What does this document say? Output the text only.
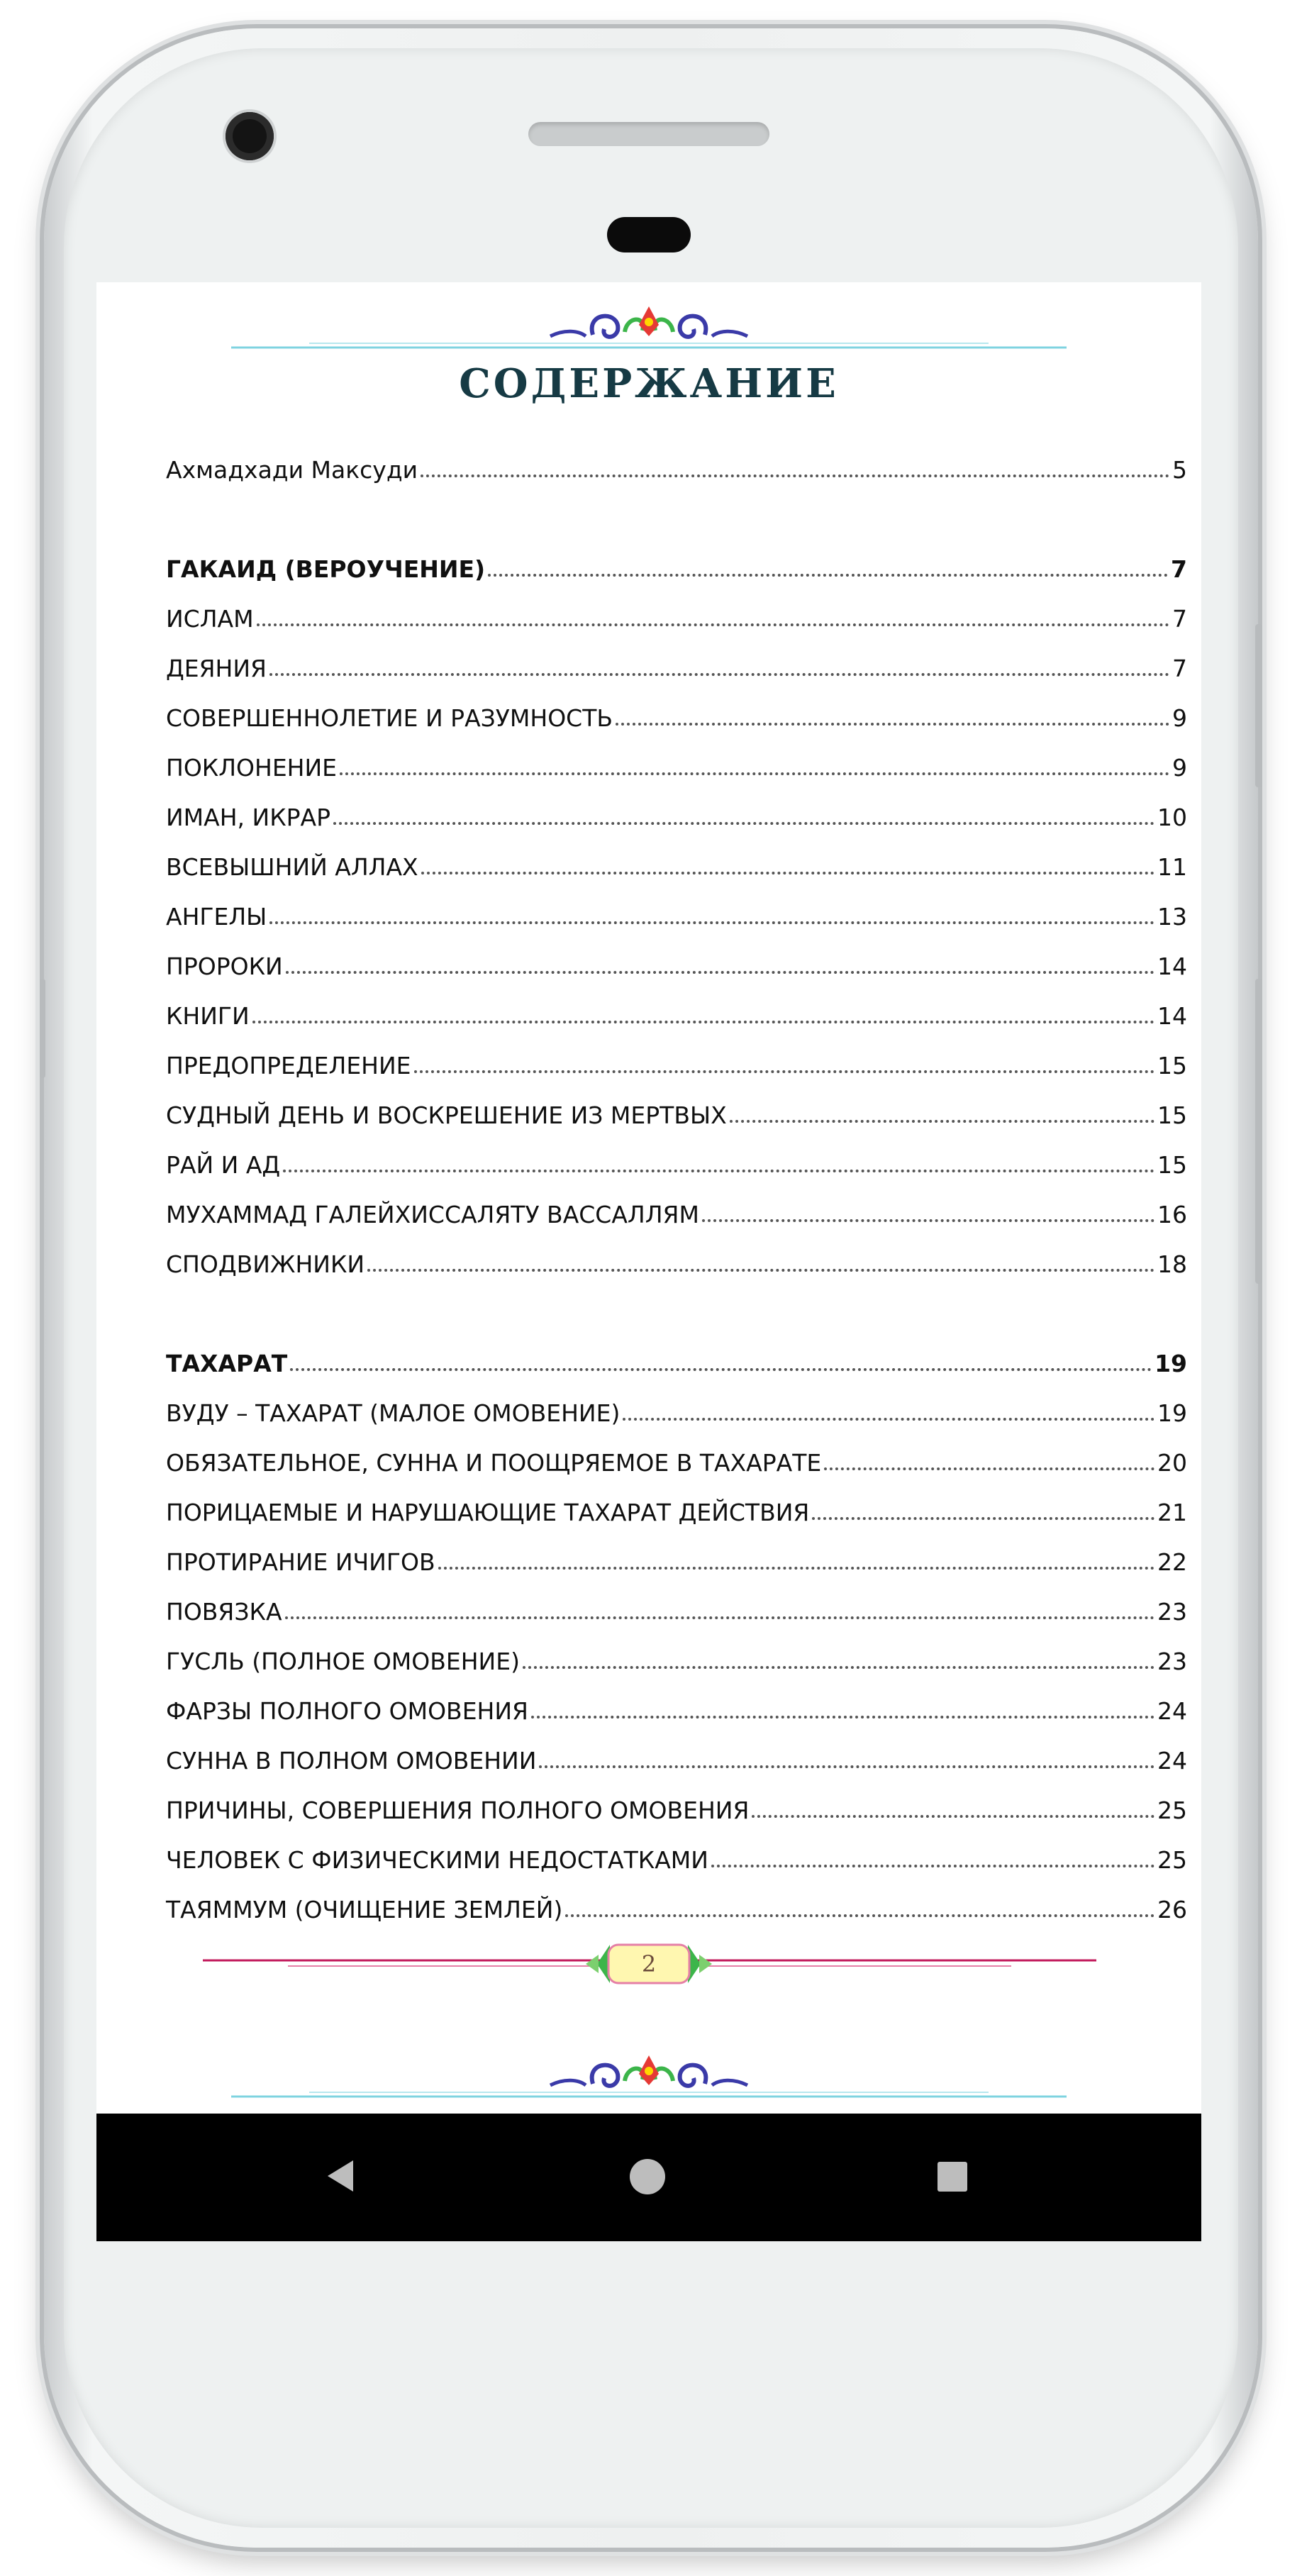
СОДЕРЖАНИЕ
Ахмадхади Максуди	5
ГАКАИД (ВЕРОУЧЕНИЕ)	7
ИСЛАМ	7
ДЕЯНИЯ	7
СОВЕРШЕННОЛЕТИЕ И РАЗУМНОСТЬ	9
ПОКЛОНЕНИЕ	9
ИМАН, ИКРАР	10
ВСЕВЫШНИЙ АЛЛАХ	11
АНГЕЛЫ	13
ПРОРОКИ	14
КНИГИ	14
ПРЕДОПРЕДЕЛЕНИЕ	15
СУДНЫЙ ДЕНЬ И ВОСКРЕШЕНИЕ ИЗ МЕРТВЫХ	15
РАЙ И АД	15
МУХАММАД ГАЛЕЙХИССАЛЯТУ ВАССАЛЛЯМ	16
СПОДВИЖНИКИ	18
ТАХАРАТ	19
ВУДУ – ТАХАРАТ (МАЛОЕ ОМОВЕНИЕ)	19
ОБЯЗАТЕЛЬНОЕ, СУННА И ПООЩРЯЕМОЕ В ТАХАРАТЕ	20
ПОРИЦАЕМЫЕ И НАРУШАЮЩИЕ ТАХАРАТ ДЕЙСТВИЯ	21
ПРОТИРАНИЕ ИЧИГОВ	22
ПОВЯЗКА	23
ГУСЛЬ (ПОЛНОЕ ОМОВЕНИЕ)	23
ФАРЗЫ ПОЛНОГО ОМОВЕНИЯ	24
СУННА В ПОЛНОМ ОМОВЕНИИ	24
ПРИЧИНЫ, СОВЕРШЕНИЯ ПОЛНОГО ОМОВЕНИЯ	25
ЧЕЛОВЕК С ФИЗИЧЕСКИМИ НЕДОСТАТКАМИ	25
ТАЯММУМ (ОЧИЩЕНИЕ ЗЕМЛЕЙ)	26
2
